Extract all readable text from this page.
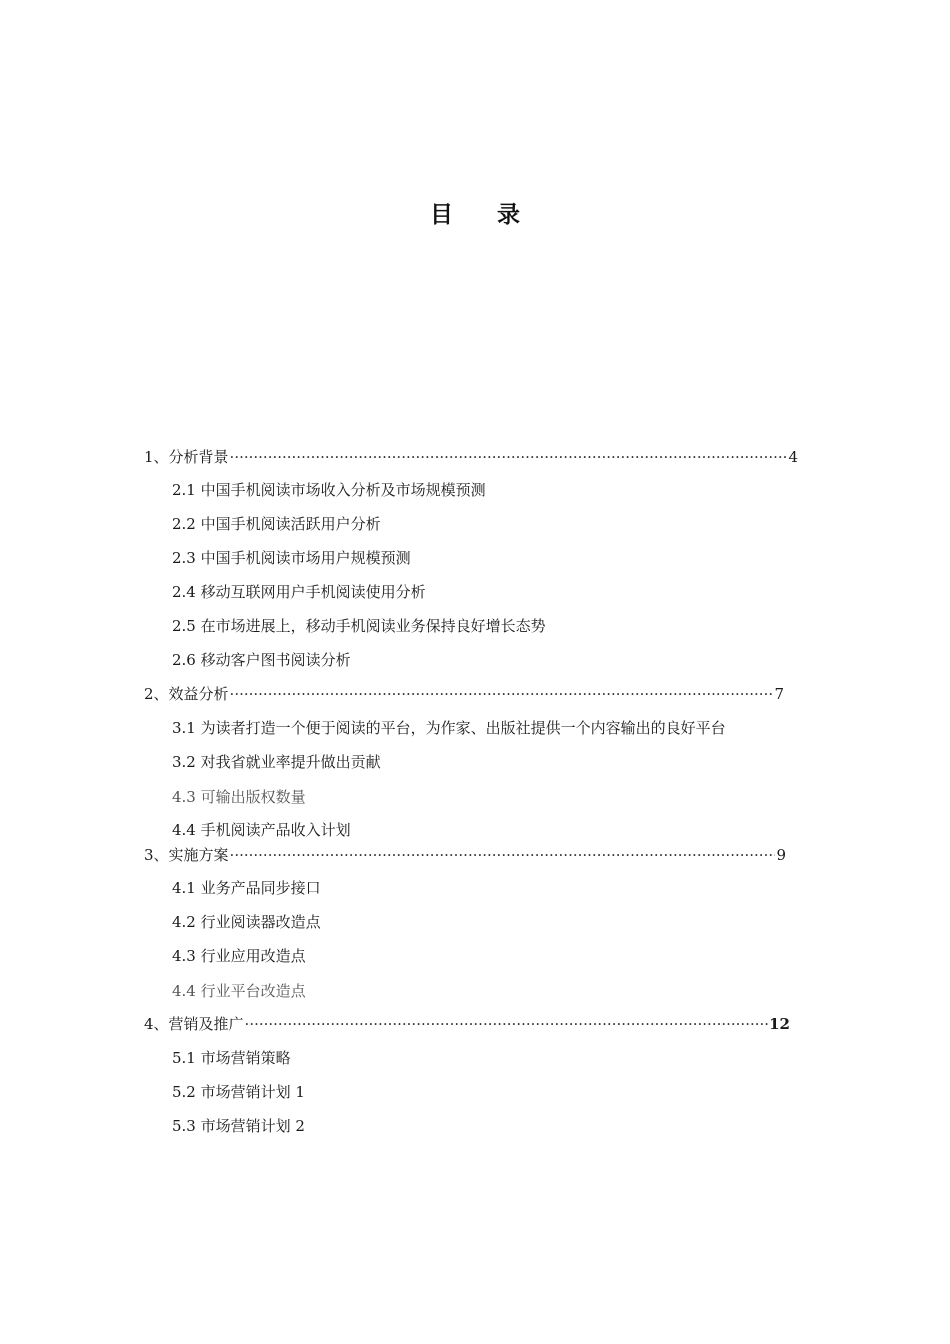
目 录
1、分析背景 ·····	4
2.1 中国手机阅读市场收入分析及市场规模预测
2.2 中国手机阅读活跃用户分析
2.3 中国手机阅读市场用户规模预测
2.4 移动互联网用户手机阅读使用分析
2.5 在市场进展上，移动手机阅读业务保持良好增长态势
2.6 移动客户图书阅读分析
2、效益分析 ·····	7
3.1 为读者打造一个便于阅读的平台，为作家、出版社提供一个内容输出的良好平台
3.2 对我省就业率提升做出贡献
4.3 可输出版权数量
4.4 手机阅读产品收入计划
3、实施方案 ·····	9
4.1 业务产品同步接口
4.2 行业阅读器改造点
4.3 行业应用改造点
4.4 行业平台改造点
4、营销及推广 ·····	12
5.1 市场营销策略
5.2 市场营销计划 1
5.3 市场营销计划 2
